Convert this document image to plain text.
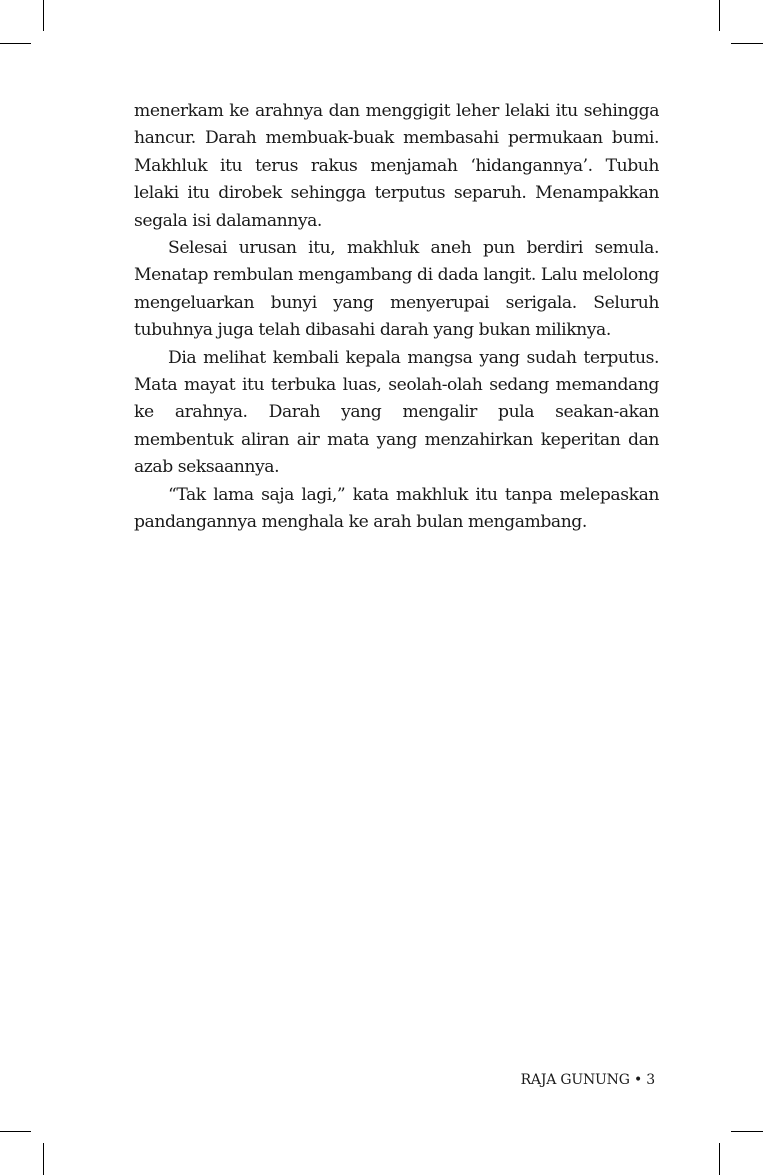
menerkam ke arahnya dan menggigit leher lelaki itu sehingga hancur. Darah membuak-buak membasahi permukaan bumi. Makhluk itu terus rakus menjamah ‘hidangannya’. Tubuh lelaki itu dirobek sehingga terputus separuh. Menampakkan segala isi dalamannya.

Selesai urusan itu, makhluk aneh pun berdiri semula. Menatap rembulan mengambang di dada langit. Lalu melolong mengeluarkan bunyi yang menyerupai serigala. Seluruh tubuhnya juga telah dibasahi darah yang bukan miliknya.

Dia melihat kembali kepala mangsa yang sudah terputus. Mata mayat itu terbuka luas, seolah-olah sedang memandang ke arahnya. Darah yang mengalir pula seakan-akan membentuk aliran air mata yang menzahirkan keperitan dan azab seksaannya.

“Tak lama saja lagi,” kata makhluk itu tanpa melepaskan pandangannya menghala ke arah bulan mengambang.

RAJA GUNUNG • 3
